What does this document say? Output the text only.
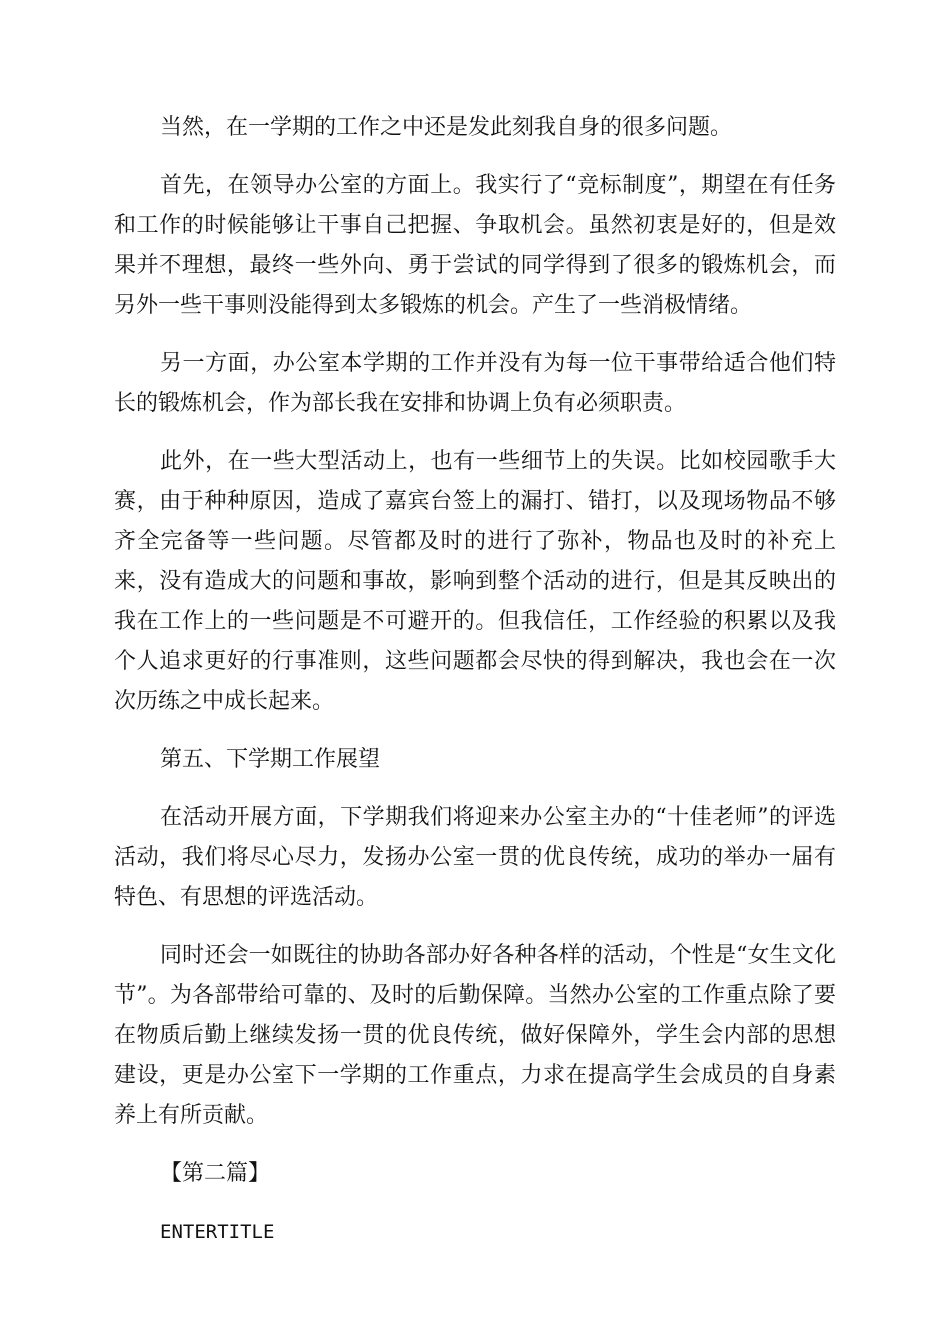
当然，在一学期的工作之中还是发此刻我自身的很多问题。

首先，在领导办公室的方面上。我实行了“竞标制度”，期望在有任务和工作的时候能够让干事自己把握、争取机会。虽然初衷是好的，但是效果并不理想，最终一些外向、勇于尝试的同学得到了很多的锻炼机会，而另外一些干事则没能得到太多锻炼的机会。产生了一些消极情绪。

另一方面，办公室本学期的工作并没有为每一位干事带给适合他们特长的锻炼机会，作为部长我在安排和协调上负有必须职责。

此外，在一些大型活动上，也有一些细节上的失误。比如校园歌手大赛，由于种种原因，造成了嘉宾台签上的漏打、错打，以及现场物品不够齐全完备等一些问题。尽管都及时的进行了弥补，物品也及时的补充上来，没有造成大的问题和事故，影响到整个活动的进行，但是其反映出的我在工作上的一些问题是不可避开的。但我信任，工作经验的积累以及我个人追求更好的行事准则，这些问题都会尽快的得到解决，我也会在一次次历练之中成长起来。

第五、下学期工作展望

在活动开展方面，下学期我们将迎来办公室主办的“十佳老师”的评选活动，我们将尽心尽力，发扬办公室一贯的优良传统，成功的举办一届有特色、有思想的评选活动。

同时还会一如既往的协助各部办好各种各样的活动，个性是“女生文化节”。为各部带给可靠的、及时的后勤保障。当然办公室的工作重点除了要在物质后勤上继续发扬一贯的优良传统，做好保障外，学生会内部的思想建设，更是办公室下一学期的工作重点，力求在提高学生会成员的自身素养上有所贡献。

【第二篇】

ENTERTITLE
